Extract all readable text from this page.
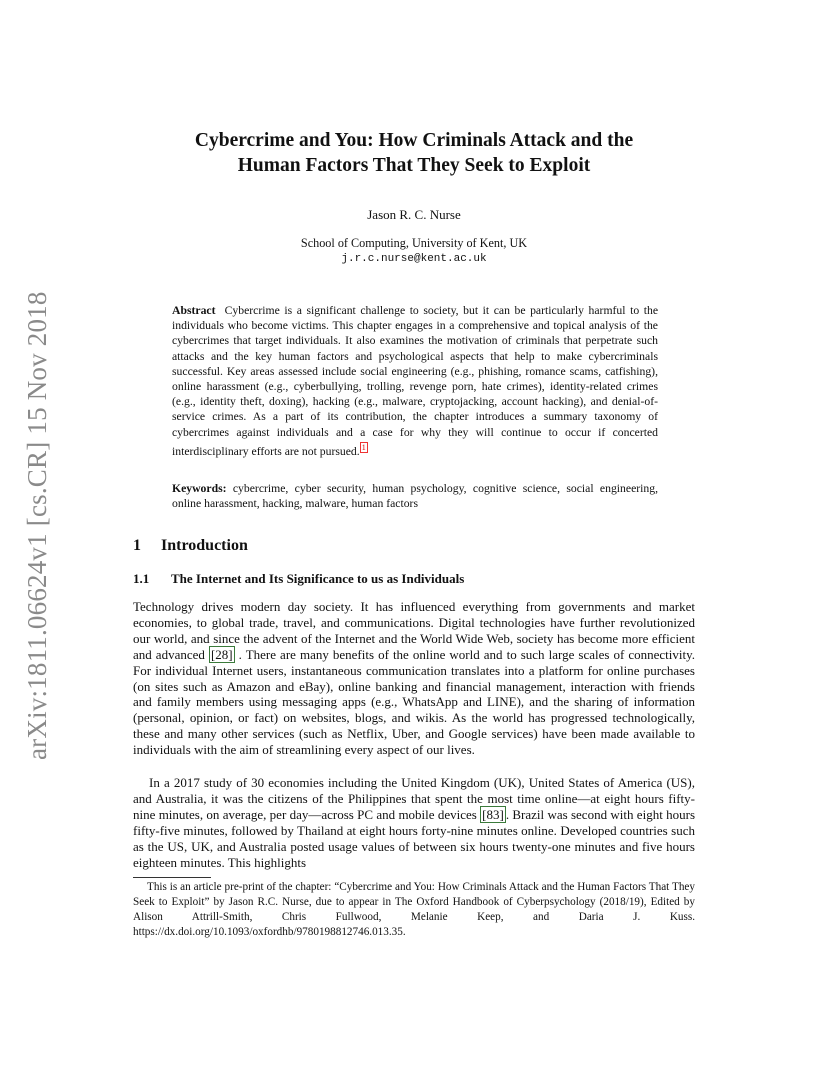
arXiv:1811.06624v1 [cs.CR] 15 Nov 2018
Cybercrime and You: How Criminals Attack and the
Human Factors That They Seek to Exploit
Jason R. C. Nurse
School of Computing, University of Kent, UK
j.r.c.nurse@kent.ac.uk
Abstract Cybercrime is a significant challenge to society, but it can be particularly harmful to the individuals who become victims. This chapter engages in a comprehensive and topical analysis of the cybercrimes that target individuals. It also examines the motivation of criminals that perpetrate such attacks and the key human factors and psychological aspects that help to make cybercriminals successful. Key areas assessed include social engineering (e.g., phishing, romance scams, catfishing), online harassment (e.g., cyberbullying, trolling, revenge porn, hate crimes), identity-related crimes (e.g., identity theft, doxing), hacking (e.g., malware, cryptojacking, account hacking), and denial-of-service crimes. As a part of its contribution, the chapter introduces a summary taxonomy of cybercrimes against individuals and a case for why they will continue to occur if concerted interdisciplinary efforts are not pursued. $^1$
Keywords: cybercrime, cyber security, human psychology, cognitive science, social engineering, online harassment, hacking, malware, human factors
1 Introduction
1.1 The Internet and Its Significance to us as Individuals

Technology drives modern day society. It has influenced everything from governments and market economies, to global trade, travel, and communications. Digital technologies have further revolutionized our world, and since the advent of the Internet and the World Wide Web, society has become more efficient and advanced [28] . There are many benefits of the online world and to such large scales of connectivity. For individual Internet users, instantaneous communication translates into a platform for online purchases (on sites such as Amazon and eBay), online banking and financial management, interaction with friends and family members using messaging apps (e.g., WhatsApp and LINE), and the sharing of information (personal, opinion, or fact) on websites, blogs, and wikis. As the world has progressed technologically, these and many other services (such as Netflix, Uber, and Google services) have been made available to individuals with the aim of streamlining every aspect of our lives.

In a 2017 study of 30 economies including the United Kingdom (UK), United States of America (US), and Australia, it was the citizens of the Philippines that spent the most time online—at eight hours fifty-nine minutes, on average, per day—across PC and mobile devices [83] . Brazil was second with eight hours fifty-five minutes, followed by Thailand at eight hours forty-nine minutes online. Developed countries such as the US, UK, and Australia posted usage values of between six hours twenty-one minutes and five hours eighteen minutes. This highlights

This is an article pre-print of the chapter: “Cybercrime and You: How Criminals Attack and the Human Factors That They Seek to Exploit” by Jason R.C. Nurse, due to appear in The Oxford Handbook of Cyberpsychology (2018/19), Edited by Alison Attrill-Smith, Chris Fullwood, Melanie Keep, and Daria J. Kuss. https://dx.doi.org/10.1093/oxfordhb/9780198812746.013.35.
